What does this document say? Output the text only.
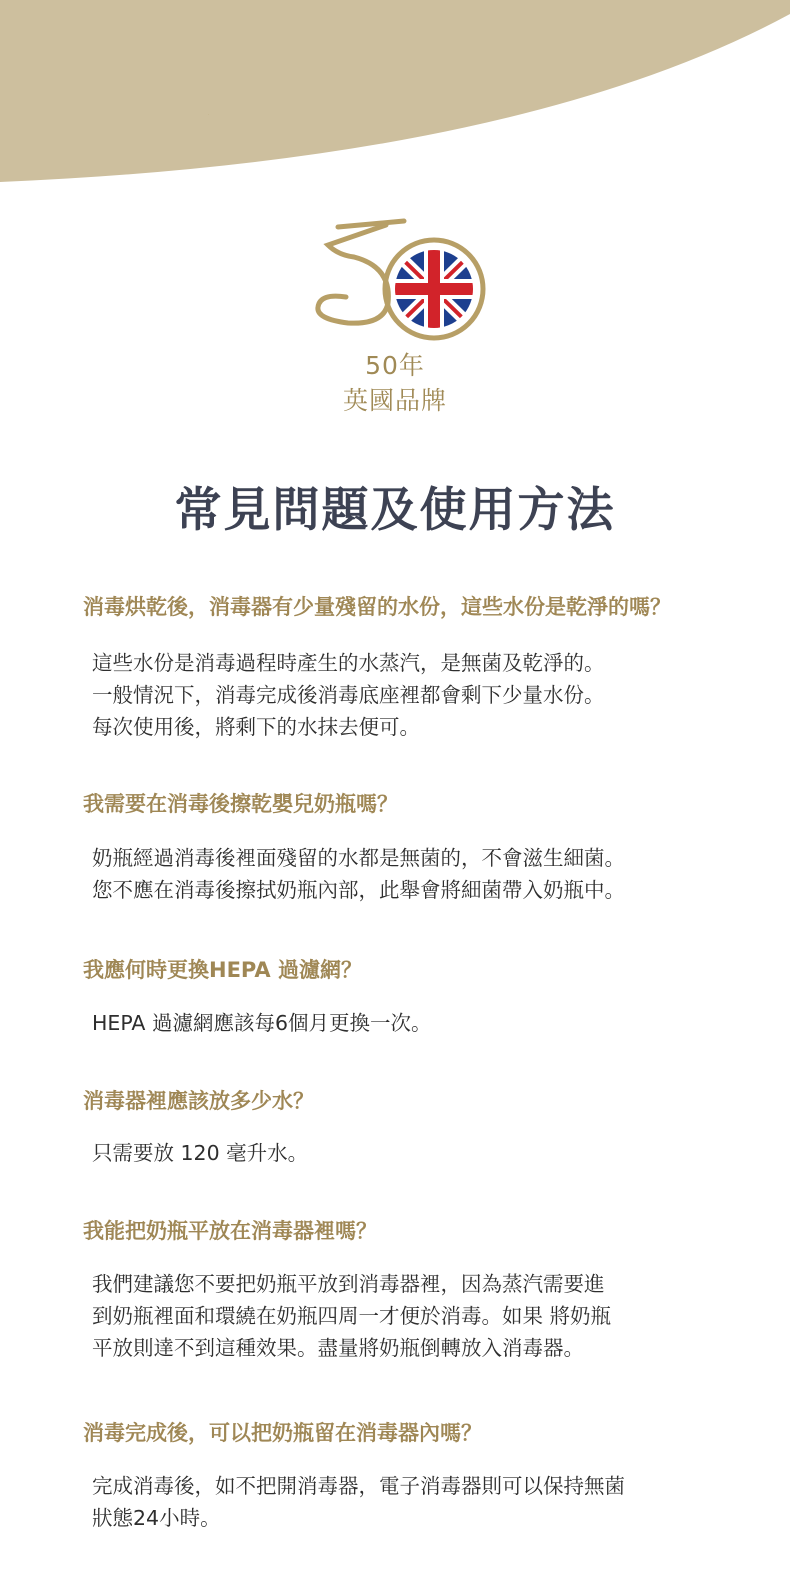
50
50年
英國品牌
常見問題及使用方法
消毒烘乾後，消毒器有少量殘留的水份，這些水份是乾淨的嗎？
這些水份是消毒過程時產生的水蒸汽，是無菌及乾淨的。
一般情況下，消毒完成後消毒底座裡都會剩下少量水份。
每次使用後，將剩下的水抹去便可。
我需要在消毒後擦乾嬰兒奶瓶嗎？
奶瓶經過消毒後裡面殘留的水都是無菌的，不會滋生細菌。
您不應在消毒後擦拭奶瓶內部，此舉會將細菌帶入奶瓶中。
我應何時更換HEPA 過濾網？
HEPA 過濾網應該每6個月更換一次。
消毒器裡應該放多少水？
只需要放 120 毫升水。
我能把奶瓶平放在消毒器裡嗎？
我們建議您不要把奶瓶平放到消毒器裡，因為蒸汽需要進
到奶瓶裡面和環繞在奶瓶四周一才便於消毒。如果 將奶瓶
平放則達不到這種效果。盡量將奶瓶倒轉放入消毒器。
消毒完成後，可以把奶瓶留在消毒器內嗎？
完成消毒後，如不把開消毒器，電子消毒器則可以保持無菌
狀態24小時。
